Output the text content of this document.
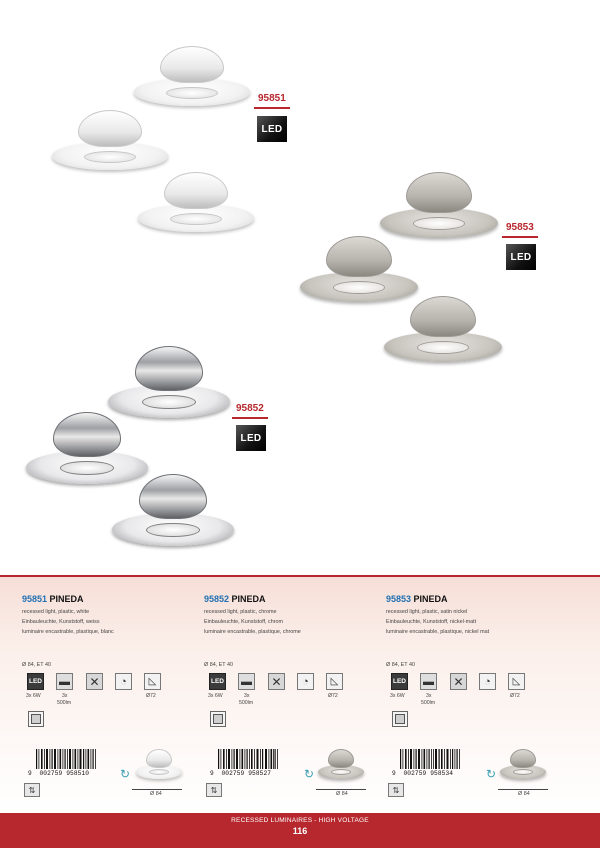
95851
LED
95853
LED
95852
LED
95851 PINEDA
recessed light, plastic, white
Einbauleuchte, Kunststoff, weiss
luminaire encastrable, plastique, blanc
Ø 84, ET 40
LED ▬ ✕	◔	◺
3x 6W	3x
500lm
Ø72
9 002759 958510	↻
Ø 84
⇅
95852 PINEDA
recessed light, plastic, chrome
Einbauleuchte, Kunststoff, chrom
luminaire encastrable, plastique, chrome
Ø 84, ET 40
LED ▬ ✕	◔	◺
3x 6W	3x
500lm
Ø72
9 002759 958527	↻
Ø 84
⇅
95853 PINEDA
recessed light, plastic, satin nickel
Einbauleuchte, Kunststoff, nickel-matt
luminaire encastrable, plastique, nickel mat
Ø 84, ET 40
LED ▬ ✕	◔	◺
3x 6W	3x
500lm
Ø72
9 002759 958534	↻
Ø 84
⇅
RECESSED LUMINAIRES - HIGH VOLTAGE
116
